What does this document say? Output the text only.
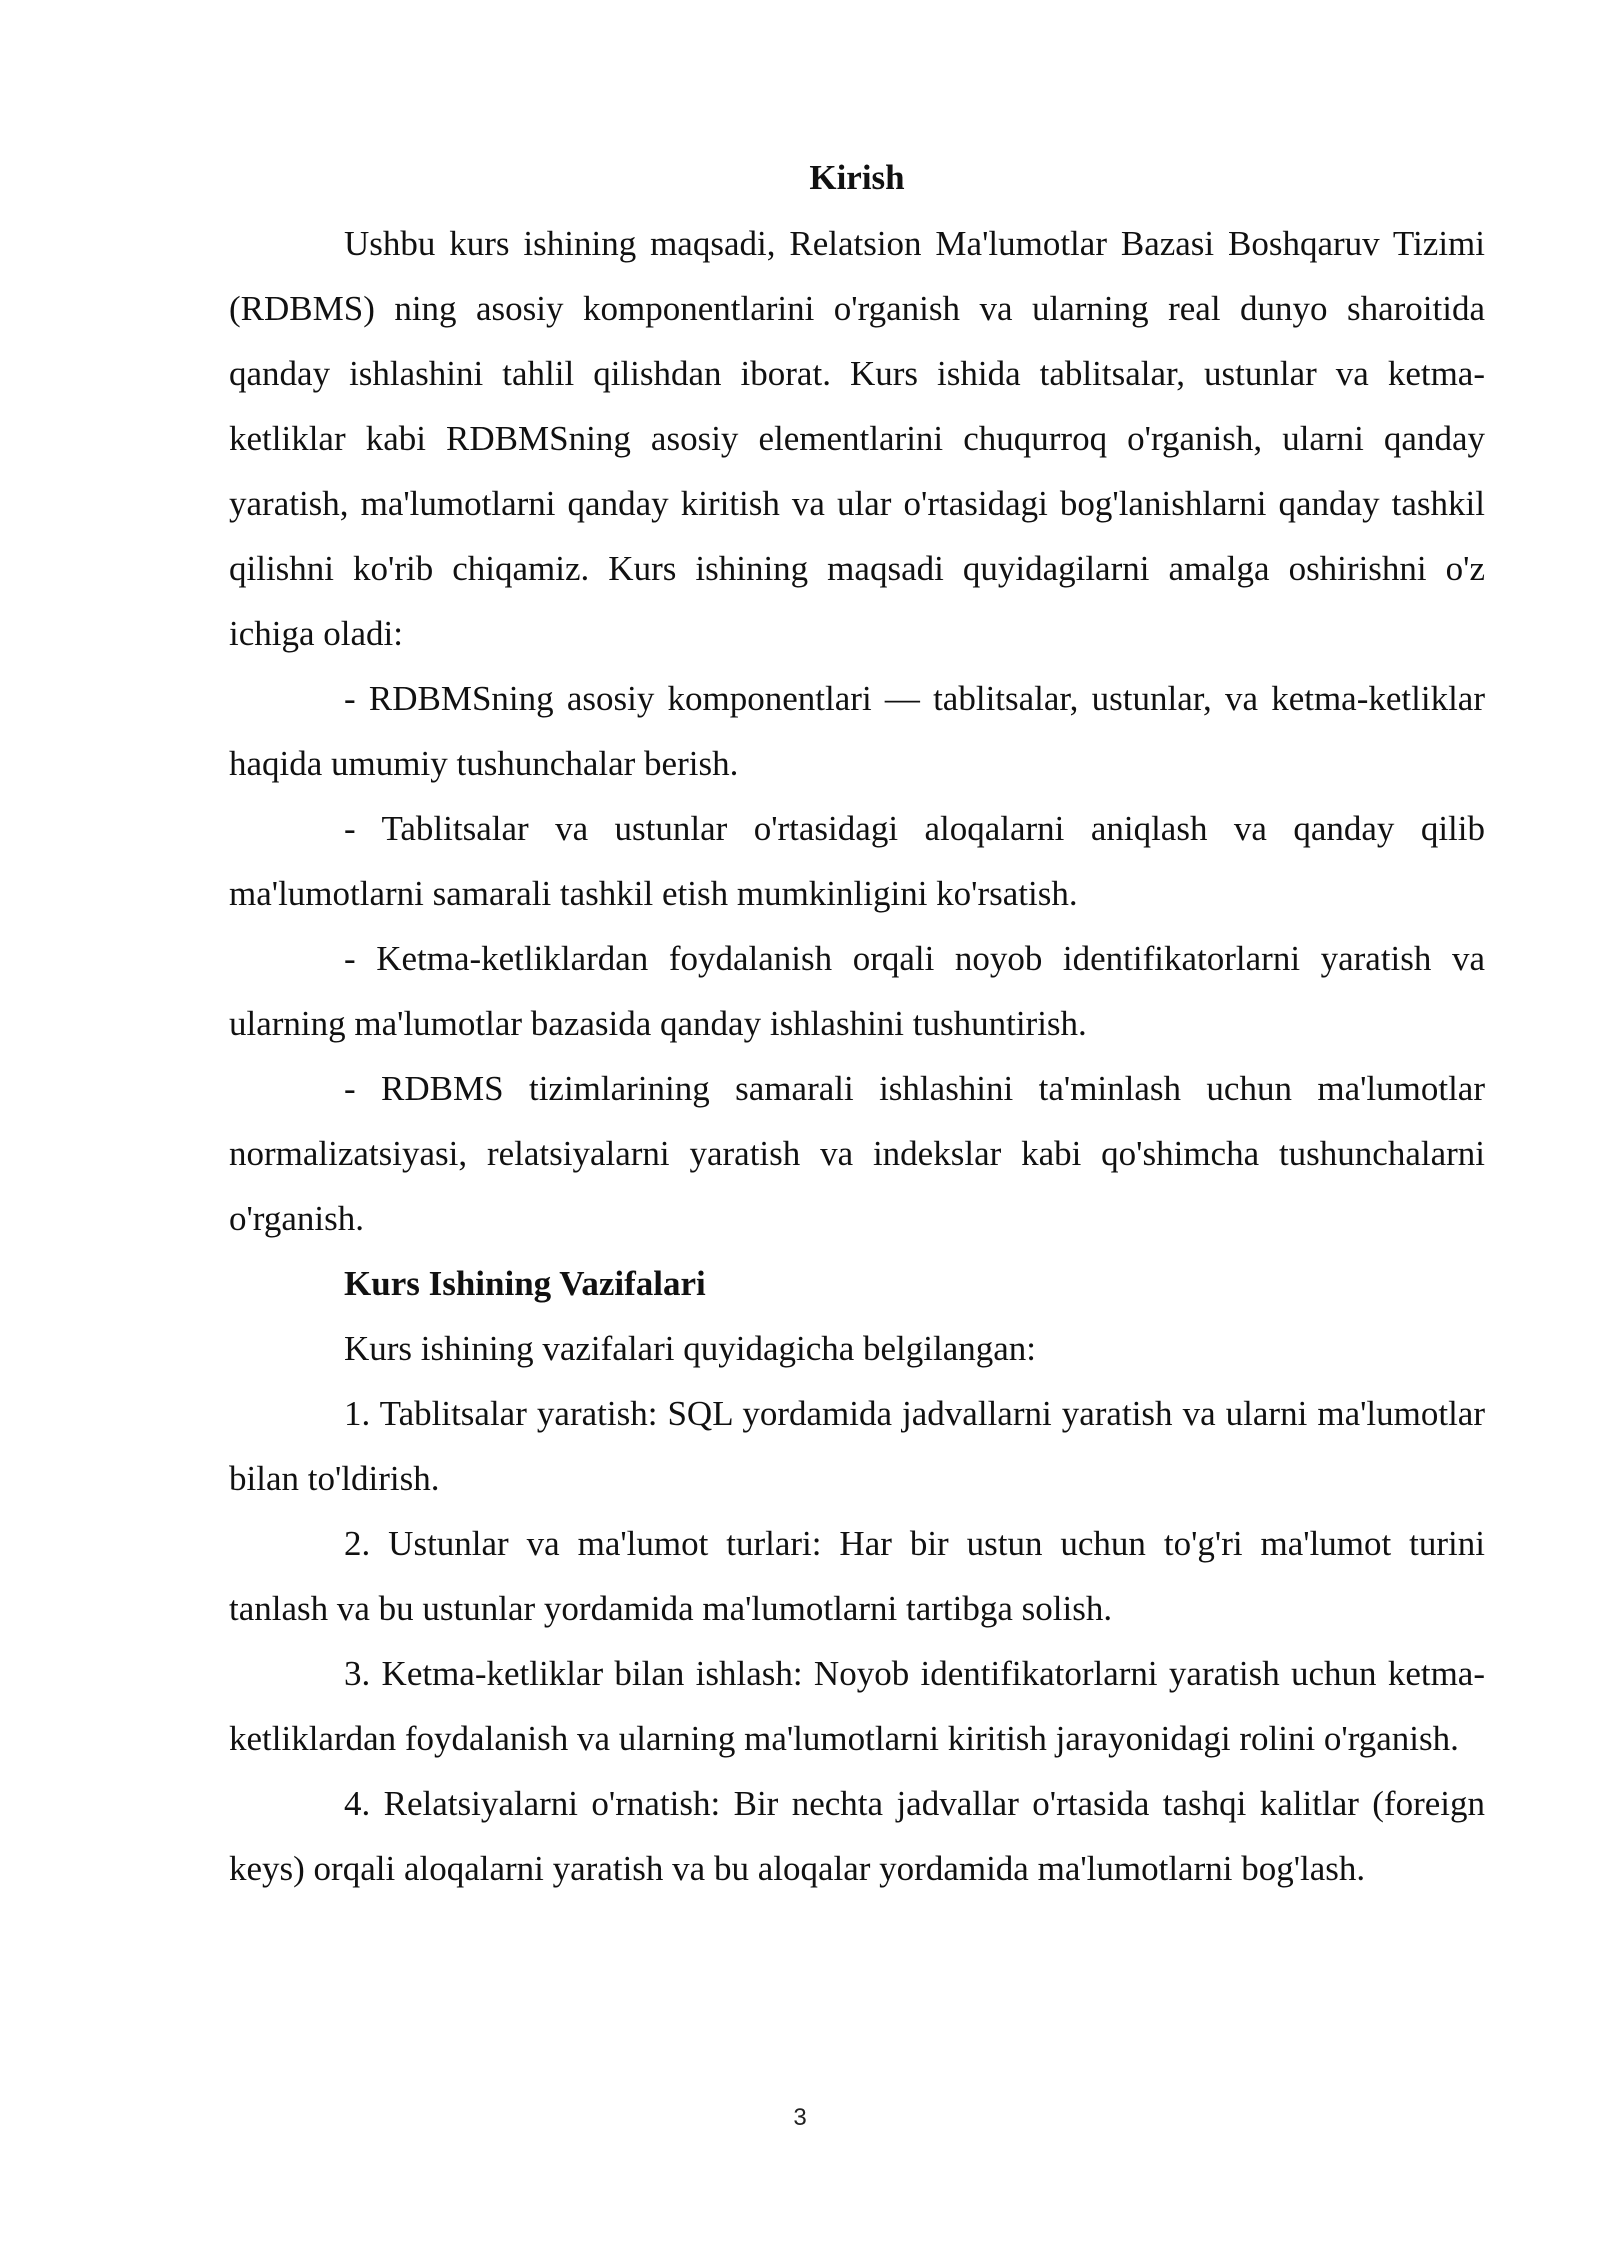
Kirish

Ushbu kurs ishining maqsadi, Relatsion Ma'lumotlar Bazasi Boshqaruv Tizimi (RDBMS) ning asosiy komponentlarini o'rganish va ularning real dunyo sharoitida qanday ishlashini tahlil qilishdan iborat. Kurs ishida tablitsalar, ustunlar va ketma-ketliklar kabi RDBMSning asosiy elementlarini chuqurroq o'rganish, ularni qanday yaratish, ma'lumotlarni qanday kiritish va ular o'rtasidagi bog'lanishlarni qanday tashkil qilishni ko'rib chiqamiz. Kurs ishining maqsadi quyidagilarni amalga oshirishni o'z ichiga oladi:

- RDBMSning asosiy komponentlari — tablitsalar, ustunlar, va ketma-ketliklar haqida umumiy tushunchalar berish.

- Tablitsalar va ustunlar o'rtasidagi aloqalarni aniqlash va qanday qilib ma'lumotlarni samarali tashkil etish mumkinligini ko'rsatish.

- Ketma-ketliklardan foydalanish orqali noyob identifikatorlarni yaratish va ularning ma'lumotlar bazasida qanday ishlashini tushuntirish.

- RDBMS tizimlarining samarali ishlashini ta'minlash uchun ma'lumotlar normalizatsiyasi, relatsiyalarni yaratish va indekslar kabi qo'shimcha tushunchalarni o'rganish.

Kurs Ishining Vazifalari

Kurs ishining vazifalari quyidagicha belgilangan:

1. Tablitsalar yaratish: SQL yordamida jadvallarni yaratish va ularni ma'lumotlar bilan to'ldirish.

2. Ustunlar va ma'lumot turlari: Har bir ustun uchun to'g'ri ma'lumot turini tanlash va bu ustunlar yordamida ma'lumotlarni tartibga solish.

3. Ketma-ketliklar bilan ishlash: Noyob identifikatorlarni yaratish uchun ketma-ketliklardan foydalanish va ularning ma'lumotlarni kiritish jarayonidagi rolini o'rganish.

4. Relatsiyalarni o'rnatish: Bir nechta jadvallar o'rtasida tashqi kalitlar (foreign keys) orqali aloqalarni yaratish va bu aloqalar yordamida ma'lumotlarni bog'lash.

3
